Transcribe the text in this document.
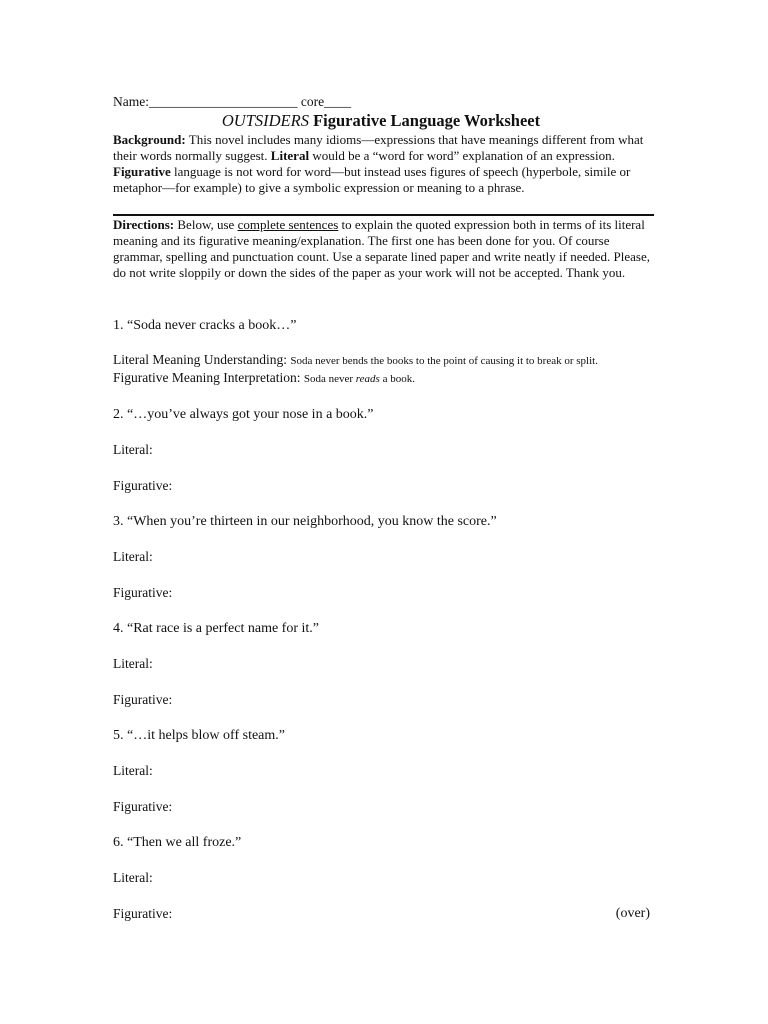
Name:______________________ core____
OUTSIDERS Figurative Language Worksheet
Background: This novel includes many idioms—expressions that have meanings different from what their words normally suggest. Literal would be a “word for word” explanation of an expression. Figurative language is not word for word—but instead uses figures of speech (hyperbole, simile or metaphor—for example) to give a symbolic expression or meaning to a phrase.
Directions: Below, use complete sentences to explain the quoted expression both in terms of its literal meaning and its figurative meaning/explanation. The first one has been done for you. Of course grammar, spelling and punctuation count. Use a separate lined paper and write neatly if needed. Please, do not write sloppily or down the sides of the paper as your work will not be accepted. Thank you.
1. “Soda never cracks a book…”
Literal Meaning Understanding: Soda never bends the books to the point of causing it to break or split.
Figurative Meaning Interpretation: Soda never reads a book.
2. “…you’ve always got your nose in a book.”
Literal:
Figurative:
3. “When you’re thirteen in our neighborhood, you know the score.”
Literal:
Figurative:
4. “Rat race is a perfect name for it.”
Literal:
Figurative:
5. “…it helps blow off steam.”
Literal:
Figurative:
6. “Then we all froze.”
Literal:
Figurative:	(over)
